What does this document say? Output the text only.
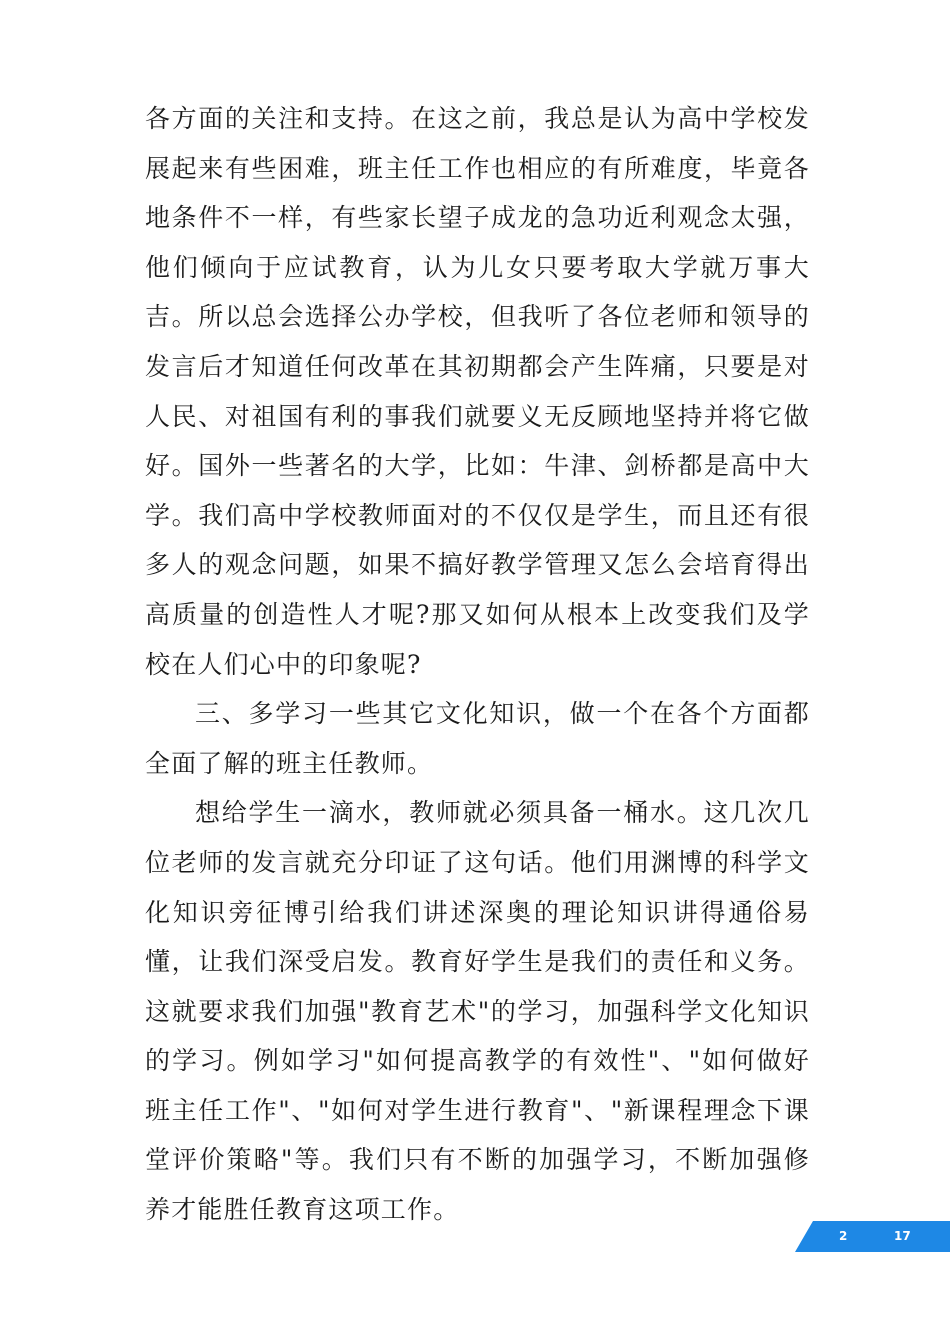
各方面的关注和支持。在这之前，我总是认为高中学校发展起来有些困难，班主任工作也相应的有所难度，毕竟各地条件不一样，有些家长望子成龙的急功近利观念太强，他们倾向于应试教育，认为儿女只要考取大学就万事大吉。所以总会选择公办学校，但我听了各位老师和领导的发言后才知道任何改革在其初期都会产生阵痛，只要是对人民、对祖国有利的事我们就要义无反顾地坚持并将它做好。国外一些著名的大学，比如：牛津、剑桥都是高中大学。我们高中学校教师面对的不仅仅是学生，而且还有很多人的观念问题，如果不搞好教学管理又怎么会培育得出高质量的创造性人才呢?那又如何从根本上改变我们及学校在人们心中的印象呢?

三、多学习一些其它文化知识，做一个在各个方面都全面了解的班主任教师。

想给学生一滴水，教师就必须具备一桶水。这几次几位老师的发言就充分印证了这句话。他们用渊博的科学文化知识旁征博引给我们讲述深奥的理论知识讲得通俗易懂，让我们深受启发。教育好学生是我们的责任和义务。这就要求我们加强"教育艺术"的学习，加强科学文化知识的学习。例如学习"如何提高教学的有效性"、"如何做好班主任工作"、"如何对学生进行教育"、"新课程理念下课堂评价策略"等。我们只有不断的加强学习，不断加强修养才能胜任教育这项工作。

2	17
